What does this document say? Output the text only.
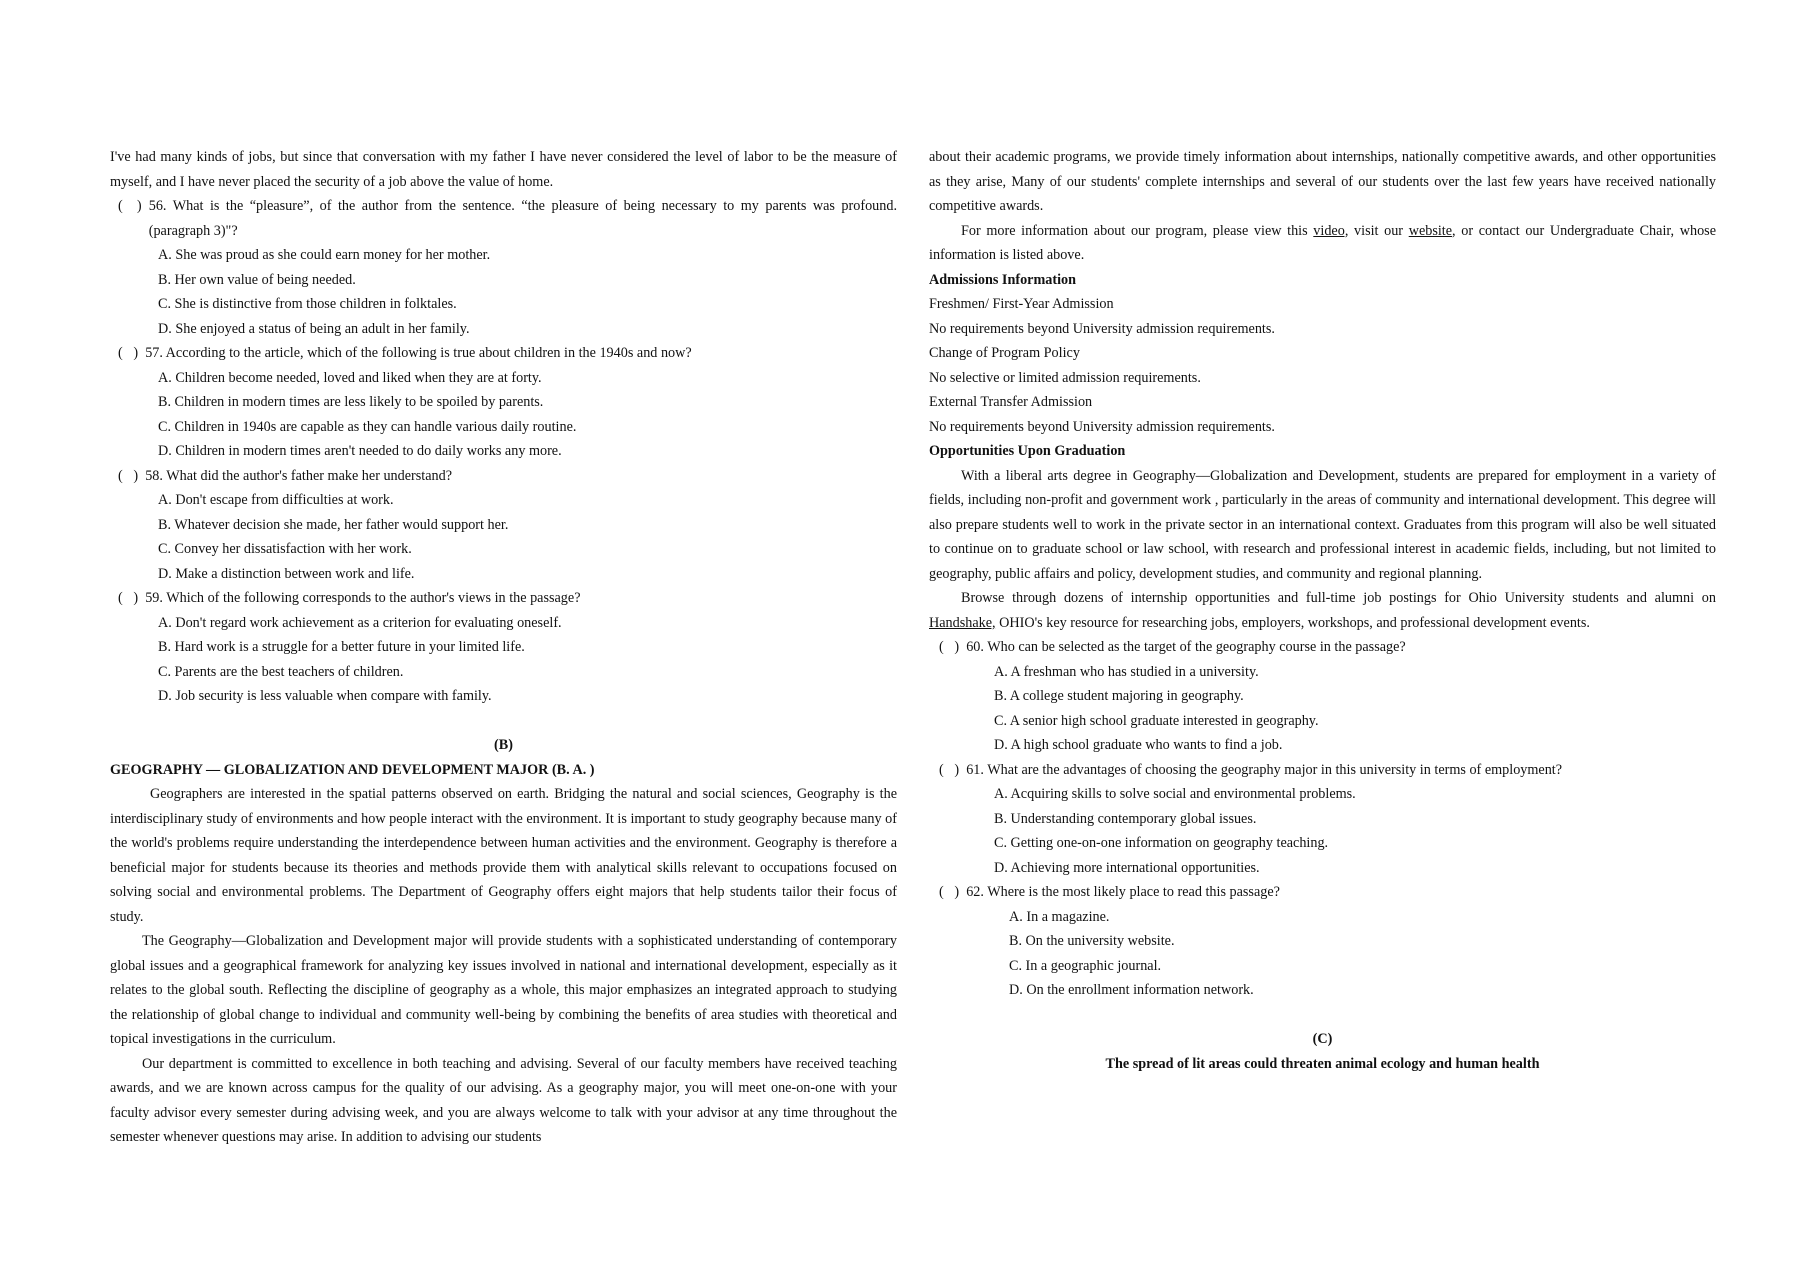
I've had many kinds of jobs, but since that conversation with my father I have never considered the level of labor to be the measure of myself, and I have never placed the security of a job above the value of home.

(    ) 56. What is the “pleasure”, of the author from the sentence. “the pleasure of being necessary to my parents was profound. (paragraph 3)"?

A. She was proud as she could earn money for her mother.

B. Her own value of being needed.

C. She is distinctive from those children in folktales.

D. She enjoyed a status of being an adult in her family.

(   ) 57. According to the article, which of the following is true about children in the 1940s and now?

A. Children become needed, loved and liked when they are at forty.

B. Children in modern times are less likely to be spoiled by parents.

C. Children in 1940s are capable as they can handle various daily routine.

D. Children in modern times aren't needed to do daily works any more.

(   ) 58. What did the author's father make her understand?

A. Don't escape from difficulties at work.

B. Whatever decision she made, her father would support her.

C. Convey her dissatisfaction with her work.

D. Make a distinction between work and life.

(   ) 59. Which of the following corresponds to the author's views in the passage?

A. Don't regard work achievement as a criterion for evaluating oneself.

B. Hard work is a struggle for a better future in your limited life.

C. Parents are the best teachers of children.

D. Job security is less valuable when compare with family.

(B)

GEOGRAPHY — GLOBALIZATION AND DEVELOPMENT MAJOR (B. A. )

Geographers are interested in the spatial patterns observed on earth. Bridging the natural and social sciences, Geography is the interdisciplinary study of environments and how people interact with the environment. It is important to study geography because many of the world's problems require understanding the interdependence between human activities and the environment. Geography is therefore a beneficial major for students because its theories and methods provide them with analytical skills relevant to occupations focused on solving social and environmental problems. The Department of Geography offers eight majors that help students tailor their focus of study.

The Geography—Globalization and Development major will provide students with a sophisticated understanding of contemporary global issues and a geographical framework for analyzing key issues involved in national and international development, especially as it relates to the global south. Reflecting the discipline of geography as a whole, this major emphasizes an integrated approach to studying the relationship of global change to individual and community well-being by combining the benefits of area studies with theoretical and topical investigations in the curriculum.

Our department is committed to excellence in both teaching and advising. Several of our faculty members have received teaching awards, and we are known across campus for the quality of our advising. As a geography major, you will meet one-on-one with your faculty advisor every semester during advising week, and you are always welcome to talk with your advisor at any time throughout the semester whenever questions may arise. In addition to advising our students

about their academic programs, we provide timely information about internships, nationally competitive awards, and other opportunities as they arise, Many of our students' complete internships and several of our students over the last few years have received nationally competitive awards.

For more information about our program, please view this video, visit our website, or contact our Undergraduate Chair, whose information is listed above.

Admissions Information

Freshmen/ First-Year Admission

No requirements beyond University admission requirements.

Change of Program Policy

No selective or limited admission requirements.

External Transfer Admission

No requirements beyond University admission requirements.

Opportunities Upon Graduation

With a liberal arts degree in Geography—Globalization and Development, students are prepared for employment in a variety of fields, including non-profit and government work , particularly in the areas of community and international development. This degree will also prepare students well to work in the private sector in an international context. Graduates from this program will also be well situated to continue on to graduate school or law school, with research and professional interest in academic fields, including, but not limited to geography, public affairs and policy, development studies, and community and regional planning.

Browse through dozens of internship opportunities and full-time job postings for Ohio University students and alumni on Handshake, OHIO's key resource for researching jobs, employers, workshops, and professional development events.

(   ) 60. Who can be selected as the target of the geography course in the passage?

A. A freshman who has studied in a university.

B. A college student majoring in geography.

C. A senior high school graduate interested in geography.

D. A high school graduate who wants to find a job.

(   ) 61. What are the advantages of choosing the geography major in this university in terms of employment?

A. Acquiring skills to solve social and environmental problems.

B. Understanding contemporary global issues.

C. Getting one-on-one information on geography teaching.

D. Achieving more international opportunities.

(   ) 62. Where is the most likely place to read this passage?

A. In a magazine.

B. On the university website.

C. In a geographic journal.

D. On the enrollment information network.

(C)

The spread of lit areas could threaten animal ecology and human health
